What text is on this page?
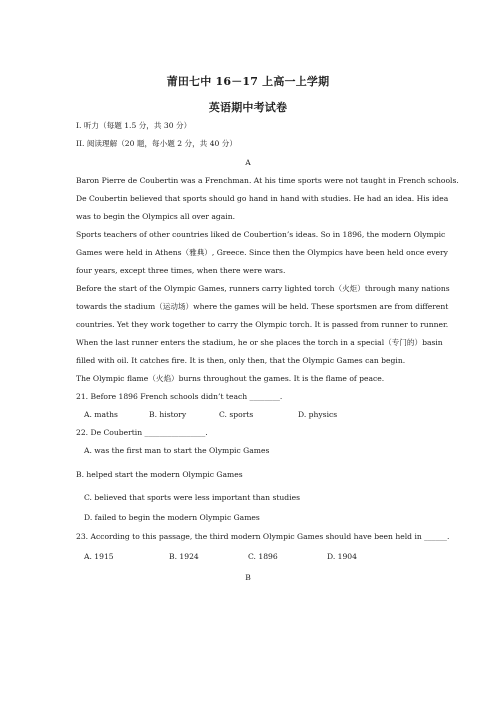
莆田七中 16－17 上高一上学期
英语期中考试卷
I. 听力（每题 1.5 分，共 30 分）
II. 阅读理解（20 题，每小题 2 分，共 40 分）
A
Baron Pierre de Coubertin was a Frenchman. At his time sports were not taught in French schools.
De Coubertin believed that sports should go hand in hand with studies. He had an idea. His idea
was to begin the Olympics all over again.
Sports teachers of other countries liked de Coubertion’s ideas. So in 1896, the modern Olympic
Games were held in Athens（雅典）, Greece. Since then the Olympics have been held once every
four years, except three times, when there were wars.
Before the start of the Olympic Games, runners carry lighted torch（火炬）through many nations
towards the stadium（运动场）where the games will be held. These sportsmen are from different
countries. Yet they work together to carry the Olympic torch. It is passed from runner to runner.
When the last runner enters the stadium, he or she places the torch in a special（专门的）basin
filled with oil. It catches fire. It is then, only then, that the Olympic Games can begin.
The Olympic flame（火焰）burns throughout the games. It is the flame of peace.
21. Before 1896 French schools didn’t teach ________.
A. maths	B. history	C. sports	D. physics
22. De Coubertin ________________.
A. was the first man to start the Olympic Games
B. helped start the modern Olympic Games
C. believed that sports were less important than studies
D. failed to begin the modern Olympic Games
23. According to this passage, the third modern Olympic Games should have been held in ______.
A. 1915	B. 1924	C. 1896	D. 1904
B
